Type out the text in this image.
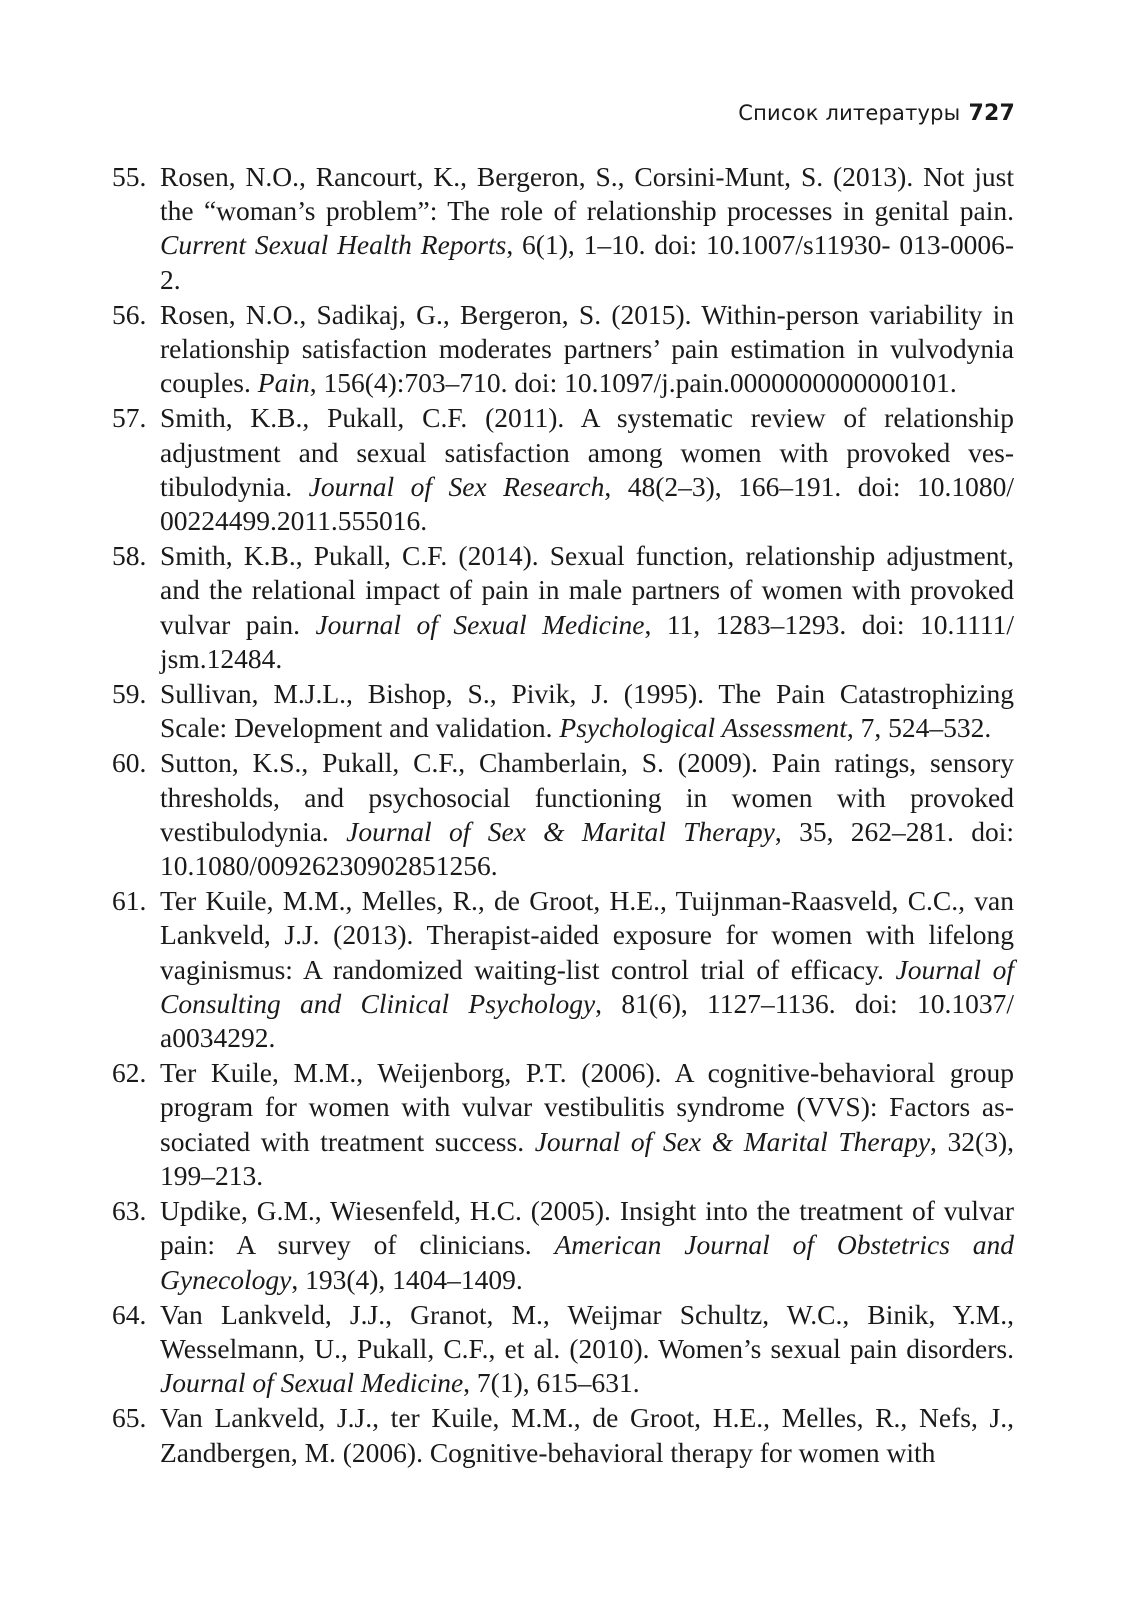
Список литературы 727
55. Rosen, N.O., Rancourt, K., Bergeron, S., Corsini-Munt, S. (2013). Not just the “woman’s problem”: The role of relationship processes in genital pain. Current Sexual Health Reports, 6(1), 1–10. doi: 10.1007/s11930- 013-0006-2.
56. Rosen, N.O., Sadikaj, G., Bergeron, S. (2015). Within-person variability in relationship satisfaction moderates partners’ pain estimation in vulvodynia couples. Pain, 156(4):703–710. doi: 10.1097/j.pain.0000000000000101.
57. Smith, K.B., Pukall, C.F. (2011). A systematic review of relationship adjustment and sexual satisfaction among women with provoked vestibulodynia. Journal of Sex Research, 48(2–3), 166–191. doi: 10.1080/ 00224499.2011.555016.
58. Smith, K.B., Pukall, C.F. (2014). Sexual function, relationship adjustment, and the relational impact of pain in male partners of women with provoked vulvar pain. Journal of Sexual Medicine, 11, 1283–1293. doi: 10.1111/ jsm.12484.
59. Sullivan, M.J.L., Bishop, S., Pivik, J. (1995). The Pain Catastrophizing Scale: Development and validation. Psychological Assessment, 7, 524–532.
60. Sutton, K.S., Pukall, C.F., Chamberlain, S. (2009). Pain ratings, sensory thresholds, and psychosocial functioning in women with provoked vestibulodynia. Journal of Sex & Marital Therapy, 35, 262–281. doi: 10.1080/00926230902851256.
61. Ter Kuile, M.M., Melles, R., de Groot, H.E., Tuijnman-Raasveld, C.C., van Lankveld, J.J. (2013). Therapist-aided exposure for women with lifelong vaginismus: A randomized waiting-list control trial of efficacy. Journal of Consulting and Clinical Psychology, 81(6), 1127–1136. doi: 10.1037/ a0034292.
62. Ter Kuile, M.M., Weijenborg, P.T. (2006). A cognitive-behavioral group program for women with vulvar vestibulitis syndrome (VVS): Factors associated with treatment success. Journal of Sex & Marital Therapy, 32(3), 199–213.
63. Updike, G.M., Wiesenfeld, H.C. (2005). Insight into the treatment of vulvar pain: A survey of clinicians. American Journal of Obstetrics and Gynecology, 193(4), 1404–1409.
64. Van Lankveld, J.J., Granot, M., Weijmar Schultz, W.C., Binik, Y.M., Wesselmann, U., Pukall, C.F., et al. (2010). Women’s sexual pain disorders. Journal of Sexual Medicine, 7(1), 615–631.
65. Van Lankveld, J.J., ter Kuile, M.M., de Groot, H.E., Melles, R., Nefs, J., Zandbergen, M. (2006). Cognitive-behavioral therapy for women with
